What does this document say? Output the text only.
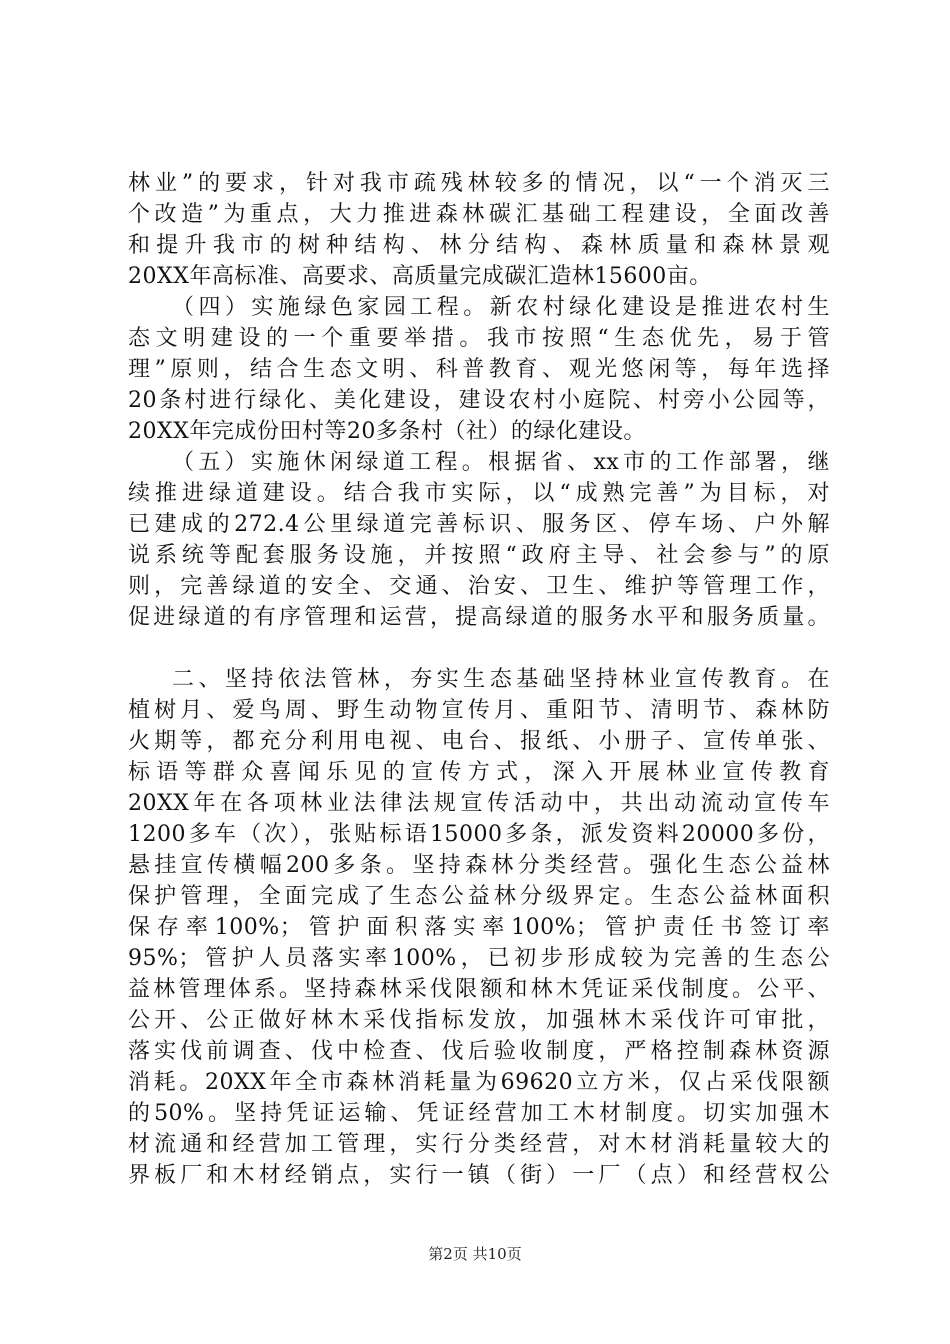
林业”的要求，针对我市疏残林较多的情况，以“一个消灭三
个改造”为重点，大力推进森林碳汇基础工程建设，全面改善
和提升我市的树种结构、林分结构、森林质量和森林景观
20XX年高标准、高要求、高质量完成碳汇造林15600亩。
（四）实施绿色家园工程。新农村绿化建设是推进农村生
态文明建设的一个重要举措。我市按照“生态优先，易于管
理”原则，结合生态文明、科普教育、观光悠闲等，每年选择
20条村进行绿化、美化建设，建设农村小庭院、村旁小公园等，
20XX年完成份田村等20多条村（社）的绿化建设。
（五）实施休闲绿道工程。根据省、xx市的工作部署，继
续推进绿道建设。结合我市实际，以“成熟完善”为目标，对
已建成的272.4公里绿道完善标识、服务区、停车场、户外解
说系统等配套服务设施，并按照“政府主导、社会参与”的原
则，完善绿道的安全、交通、治安、卫生、维护等管理工作，
促进绿道的有序管理和运营，提高绿道的服务水平和服务质量。
二、坚持依法管林，夯实生态基础坚持林业宣传教育。在
植树月、爱鸟周、野生动物宣传月、重阳节、清明节、森林防
火期等，都充分利用电视、电台、报纸、小册子、宣传单张、
标语等群众喜闻乐见的宣传方式，深入开展林业宣传教育
20XX年在各项林业法律法规宣传活动中，共出动流动宣传车
1200多车（次），张贴标语15000多条，派发资料20000多份，
悬挂宣传横幅200多条。坚持森林分类经营。强化生态公益林
保护管理，全面完成了生态公益林分级界定。生态公益林面积
保存率100%；管护面积落实率100%；管护责任书签订率
95%；管护人员落实率100%，已初步形成较为完善的生态公
益林管理体系。坚持森林采伐限额和林木凭证采伐制度。公平、
公开、公正做好林木采伐指标发放，加强林木采伐许可审批，
落实伐前调查、伐中检查、伐后验收制度，严格控制森林资源
消耗。20XX年全市森林消耗量为69620立方米，仅占采伐限额
的50%。坚持凭证运输、凭证经营加工木材制度。切实加强木
材流通和经营加工管理，实行分类经营，对木材消耗量较大的
界板厂和木材经销点，实行一镇（街）一厂（点）和经营权公
第2页 共10页
